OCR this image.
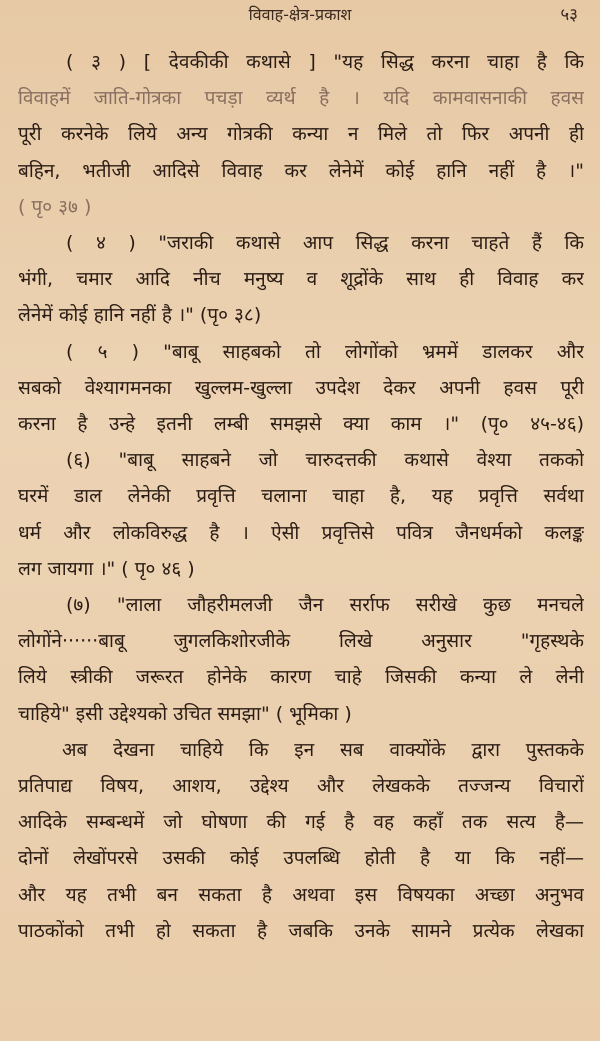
विवाह-क्षेत्र-प्रकाश	५३
( ३ ) [ देवकीकी कथासे ] "यह सिद्ध करना चाहा है कि
विवाहमें जाति-गोत्रका पचड़ा व्यर्थ है । यदि कामवासनाकी हवस
पूरी करनेके लिये अन्य गोत्रकी कन्या न मिले तो फिर अपनी ही
बहिन, भतीजी आदिसे विवाह कर लेनेमें कोई हानि नहीं है ।"
( पृ० ३७ )
( ४ ) "जराकी कथासे आप सिद्ध करना चाहते हैं कि
भंगी, चमार आदि नीच मनुष्य व शूद्रोंके साथ ही विवाह कर
लेनेमें कोई हानि नहीं है ।" (पृ० ३८)
( ५ ) "बाबू साहबको तो लोगोंको भ्रममें डालकर और
सबको वेश्यागमनका खुल्लम-खुल्ला उपदेश देकर अपनी हवस पूरी
करना है उन्हे इतनी लम्बी समझसे क्या काम ।" (पृ० ४५-४६)
(६) "बाबू साहबने जो चारुदत्तकी कथासे वेश्या तकको
घरमें डाल लेनेकी प्रवृत्ति चलाना चाहा है, यह प्रवृत्ति सर्वथा
धर्म और लोकविरुद्ध है । ऐसी प्रवृत्तिसे पवित्र जैनधर्मको कलङ्क
लग जायगा ।" ( पृ० ४६ )
(७) "लाला जौहरीमलजी जैन सर्राफ सरीखे कुछ मनचले
लोगोंने······बाबू जुगलकिशोरजीके लिखे अनुसार "गृहस्थके
लिये स्त्रीकी जरूरत होनेके कारण चाहे जिसकी कन्या ले लेनी
चाहिये" इसी उद्देश्यको उचित समझा" ( भूमिका )
अब देखना चाहिये कि इन सब वाक्योंके द्वारा पुस्तकके
प्रतिपाद्य विषय, आशय, उद्देश्य और लेखकके तज्जन्य विचारों
आदिके सम्बन्धमें जो घोषणा की गई है वह कहाँ तक सत्य है—
दोनों लेखोंपरसे उसकी कोई उपलब्धि होती है या कि नहीं—
और यह तभी बन सकता है अथवा इस विषयका अच्छा अनुभव
पाठकोंको तभी हो सकता है जबकि उनके सामने प्रत्येक लेखका
